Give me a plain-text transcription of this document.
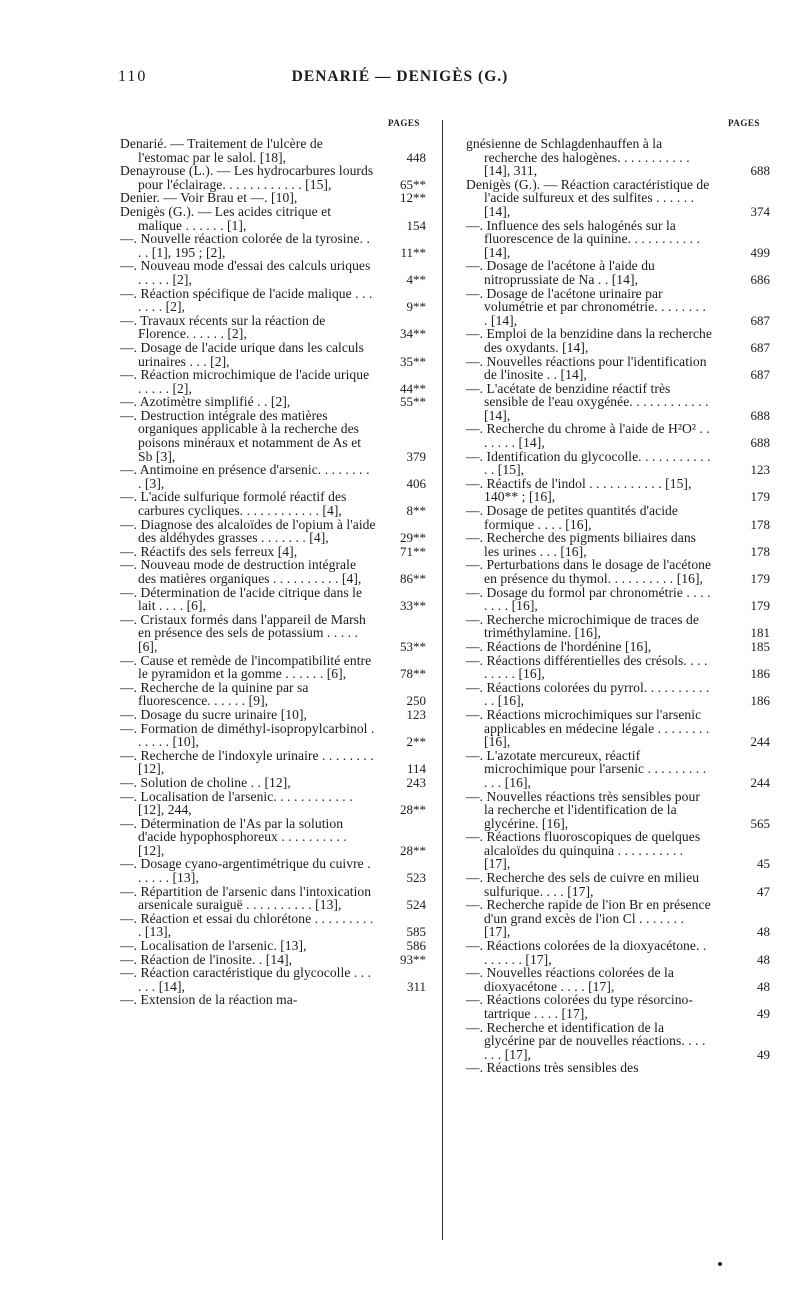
110	DENARIÉ — DENIGÈS (G.)
PAGES
Denarié. — Traitement de l'ulcère de l'estomac par le salol. [18],	448
Denayrouse (L.). — Les hydrocarbures lourds pour l'éclairage. . . . . . . . . . . . [15],	65**
Denier. — Voir Brau et —. [10],	12**
Denigès (G.). — Les acides citrique et malique . . . . . . [1],	154
—. Nouvelle réaction colorée de la tyrosine. . . . [1], 195 ; [2],	11**
—. Nouveau mode d'essai des calculs uriques . . . . . [2],	4**
—. Réaction spécifique de l'acide malique . . . . . . . [2],	9**
—. Travaux récents sur la réaction de Florence. . . . . . [2],	34**
—. Dosage de l'acide urique dans les calculs urinaires . . . [2],	35**
—. Réaction microchimique de l'acide urique . . . . . [2],	44**
—. Azotimètre simplifié . . [2],	55**
—. Destruction intégrale des matières organiques applicable à la recherche des poisons minéraux et notamment de As et Sb [3],	379
—. Antimoine en présence d'arsenic. . . . . . . . . [3],	406
—. L'acide sulfurique formolé réactif des carbures cycliques. . . . . . . . . . . . [4],	8**
—. Diagnose des alcaloïdes de l'opium à l'aide des aldéhydes grasses . . . . . . . [4],	29**
—. Réactifs des sels ferreux [4],	71**
—. Nouveau mode de destruction intégrale des matières organiques . . . . . . . . . . [4],	86**
—. Détermination de l'acide citrique dans le lait . . . . [6],	33**
—. Cristaux formés dans l'appareil de Marsh en présence des sels de potassium . . . . . [6],	53**
—. Cause et remède de l'incompatibilité entre le pyramidon et la gomme . . . . . . [6],	78**
—. Recherche de la quinine par sa fluorescence. . . . . . [9],	250
—. Dosage du sucre urinaire [10],	123
—. Formation de diméthyl-isopropylcarbinol . . . . . . [10],	2**
—. Recherche de l'indoxyle urinaire . . . . . . . . [12],	114
—. Solution de choline . . [12],	243
—. Localisation de l'arsenic. . . . . . . . . . . . [12], 244,	28**
—. Détermination de l'As par la solution d'acide hypophosphoreux . . . . . . . . . . [12],	28**
—. Dosage cyano-argentimétrique du cuivre . . . . . . [13],	523
—. Répartition de l'arsenic dans l'intoxication arsenicale suraiguë . . . . . . . . . . [13],	524
—. Réaction et essai du chlorétone . . . . . . . . . . [13],	585
—. Localisation de l'arsenic. [13],	586
—. Réaction de l'inosite. . [14],	93**
—. Réaction caractéristique du glycocolle . . . . . . [14],	311
—. Extension de la réaction ma-
PAGES
gnésienne de Schlagdenhauffen à la recherche des halogènes. . . . . . . . . . . [14], 311,	688
Denigès (G.). — Réaction caractéristique de l'acide sulfureux et des sulfites . . . . . . [14],	374
—. Influence des sels halogénés sur la fluorescence de la quinine. . . . . . . . . . . [14],	499
—. Dosage de l'acétone à l'aide du nitroprussiate de Na . . [14],	686
—. Dosage de l'acétone urinaire par volumétrie et par chronométrie. . . . . . . . . [14],	687
—. Emploi de la benzidine dans la recherche des oxydants. [14],	687
—. Nouvelles réactions pour l'identification de l'inosite . . [14],	687
—. L'acétate de benzidine réactif très sensible de l'eau oxygénée. . . . . . . . . . . . [14],	688
—. Recherche du chrome à l'aide de H²O² . . . . . . . [14],	688
—. Identification du glycocolle. . . . . . . . . . . . . [15],	123
—. Réactifs de l'indol . . . . . . . . . . . [15], 140** ; [16],	179
—. Dosage de petites quantités d'acide formique . . . . [16],	178
—. Recherche des pigments biliaires dans les urines . . . [16],	178
—. Perturbations dans le dosage de l'acétone en présence du thymol. . . . . . . . . . [16],	179
—. Dosage du formol par chronométrie . . . . . . . . [16],	179
—. Recherche microchimique de traces de triméthylamine. [16],	181
—. Réactions de l'hordénine [16],	185
—. Réactions différentielles des crésols. . . . . . . . . [16],	186
—. Réactions colorées du pyrrol. . . . . . . . . . . . [16],	186
—. Réactions microchimiques sur l'arsenic applicables en médecine légale . . . . . . . . [16],	244
—. L'azotate mercureux, réactif microchimique pour l'arsenic . . . . . . . . . . . . [16],	244
—. Nouvelles réactions très sensibles pour la recherche et l'identification de la glycérine. [16],	565
—. Réactions fluoroscopiques de quelques alcaloïdes du quinquina . . . . . . . . . . [17],	45
—. Recherche des sels de cuivre en milieu sulfurique. . . . [17],	47
—. Recherche rapide de l'ion Br en présence d'un grand excès de l'ion Cl . . . . . . . [17],	48
—. Réactions colorées de la dioxyacétone. . . . . . . . [17],	48
—. Nouvelles réactions colorées de la dioxyacétone . . . . [17],	48
—. Réactions colorées du type résorcino-tartrique . . . . [17],	49
—. Recherche et identification de la glycérine par de nouvelles réactions. . . . . . . [17],	49
—. Réactions très sensibles des
